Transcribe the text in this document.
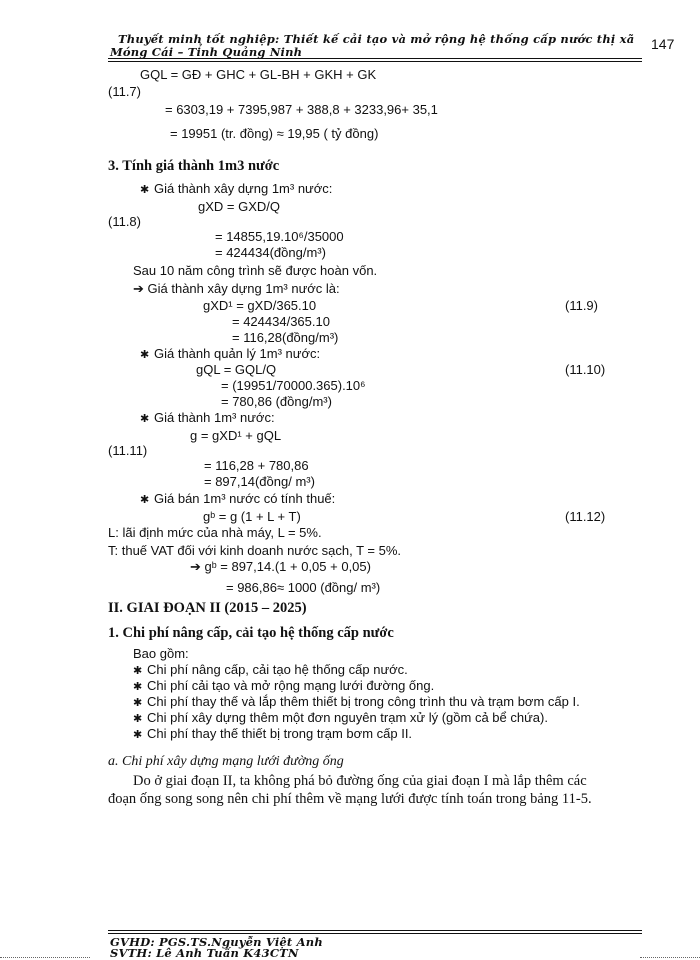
Thuyết minh tốt nghiệp: Thiết kế cải tạo và mở rộng hệ thống cấp nước thị xã
Móng Cái – Tỉnh Quảng Ninh	147
GQL = GĐ + GHC + GL-BH + GKH + GK
(11.7)
= 6303,19 + 7395,987 + 388,8 + 3233,96+ 35,1
= 19951 (tr. đồng) ≈ 19,95 ( tỷ đồng)
3. Tính giá thành 1m3 nước
✱ Giá thành xây dựng 1m³ nước:
gXD = GXD/Q
(11.8)
= 14855,19.10⁶/35000
= 424434(đồng/m³)
Sau 10 năm công trình sẽ được hoàn vốn.
➔ Giá thành xây dựng 1m³ nước là:
gXD¹ = gXD/365.10	(11.9)
= 424434/365.10
= 116,28(đồng/m³)
✱ Giá thành quản lý 1m³ nước:
gQL = GQL/Q	(11.10)
= (19951/70000.365).10⁶
= 780,86 (đồng/m³)
✱ Giá thành 1m³ nước:
g = gXD¹ + gQL
(11.11)
= 116,28 + 780,86
= 897,14(đồng/ m³)
✱ Giá bán 1m³ nước có tính thuế:
gᵇ = g (1 + L + T)	(11.12)
L: lãi định mức của nhà máy, L = 5%.
T: thuế VAT đối với kinh doanh nước sạch, T = 5%.
➔ gᵇ = 897,14.(1 + 0,05 + 0,05)
= 986,86≈ 1000 (đồng/ m³)
II. GIAI ĐOẠN II (2015 – 2025)
1. Chi phí nâng cấp, cải tạo hệ thống cấp nước
Bao gồm:
✱ Chi phí nâng cấp, cải tạo hệ thống cấp nước.
✱ Chi phí cải tạo và mở rộng mạng lưới đường ống.
✱ Chi phí thay thế và lắp thêm thiết bị trong công trình thu và trạm bơm cấp I.
✱ Chi phí xây dựng thêm một đơn nguyên trạm xử lý (gồm cả bể chứa).
✱ Chi phí thay thế thiết bị trong trạm bơm cấp II.
a. Chi phí xây dựng mạng lưới đường ống
Do ở giai đoạn II, ta không phá bỏ đường ống của giai đoạn I mà lắp thêm các
đoạn ống song song nên chi phí thêm về mạng lưới được tính toán trong bảng 11-5.
GVHD: PGS.TS.Nguyễn Việt Anh
SVTH: Lê Anh Tuấn K43CTN
